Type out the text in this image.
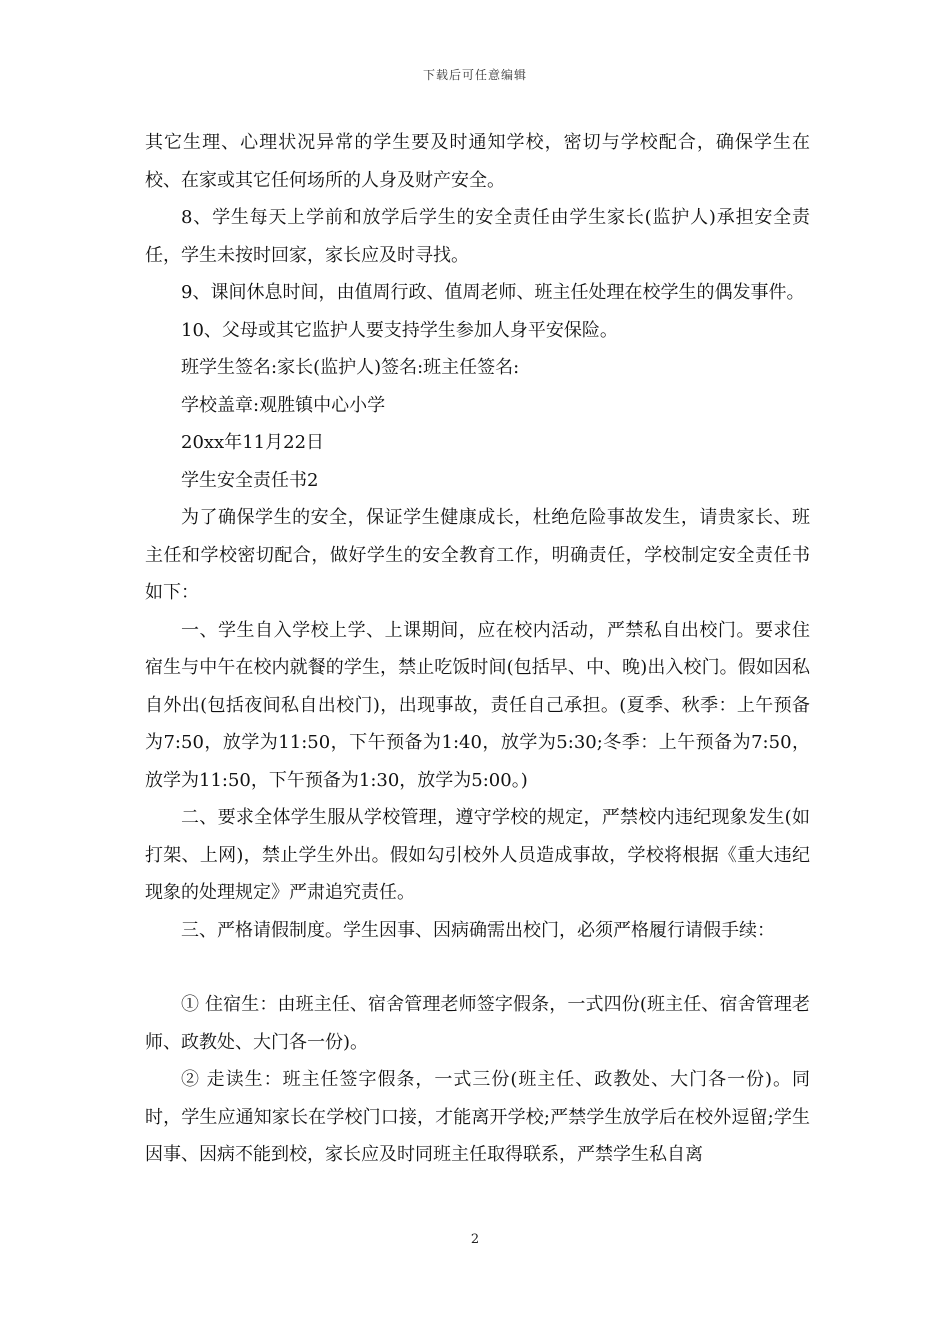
下载后可任意编辑

其它生理、心理状况异常的学生要及时通知学校，密切与学校配合，确保学生在校、在家或其它任何场所的人身及财产安全。

8、学生每天上学前和放学后学生的安全责任由学生家长(监护人)承担安全责任，学生未按时回家，家长应及时寻找。

9、课间休息时间，由值周行政、值周老师、班主任处理在校学生的偶发事件。

10、父母或其它监护人要支持学生参加人身平安保险。

班学生签名:家长(监护人)签名:班主任签名:

学校盖章:观胜镇中心小学

20xx年11月22日

学生安全责任书2

为了确保学生的安全，保证学生健康成长，杜绝危险事故发生，请贵家长、班主任和学校密切配合，做好学生的安全教育工作，明确责任，学校制定安全责任书如下：

一、学生自入学校上学、上课期间，应在校内活动，严禁私自出校门。要求住宿生与中午在校内就餐的学生，禁止吃饭时间(包括早、中、晚)出入校门。假如因私自外出(包括夜间私自出校门)，出现事故，责任自己承担。(夏季、秋季：上午预备为7:50，放学为11:50，下午预备为1:40，放学为5:30;冬季：上午预备为7:50，放学为11:50，下午预备为1:30，放学为5:00。)

二、要求全体学生服从学校管理，遵守学校的规定，严禁校内违纪现象发生(如打架、上网)，禁止学生外出。假如勾引校外人员造成事故，学校将根据《重大违纪现象的处理规定》严肃追究责任。

三、严格请假制度。学生因事、因病确需出校门，必须严格履行请假手续：

① 住宿生：由班主任、宿舍管理老师签字假条，一式四份(班主任、宿舍管理老师、政教处、大门各一份)。

② 走读生：班主任签字假条，一式三份(班主任、政教处、大门各一份)。同时，学生应通知家长在学校门口接，才能离开学校;严禁学生放学后在校外逗留;学生因事、因病不能到校，家长应及时同班主任取得联系，严禁学生私自离

2
